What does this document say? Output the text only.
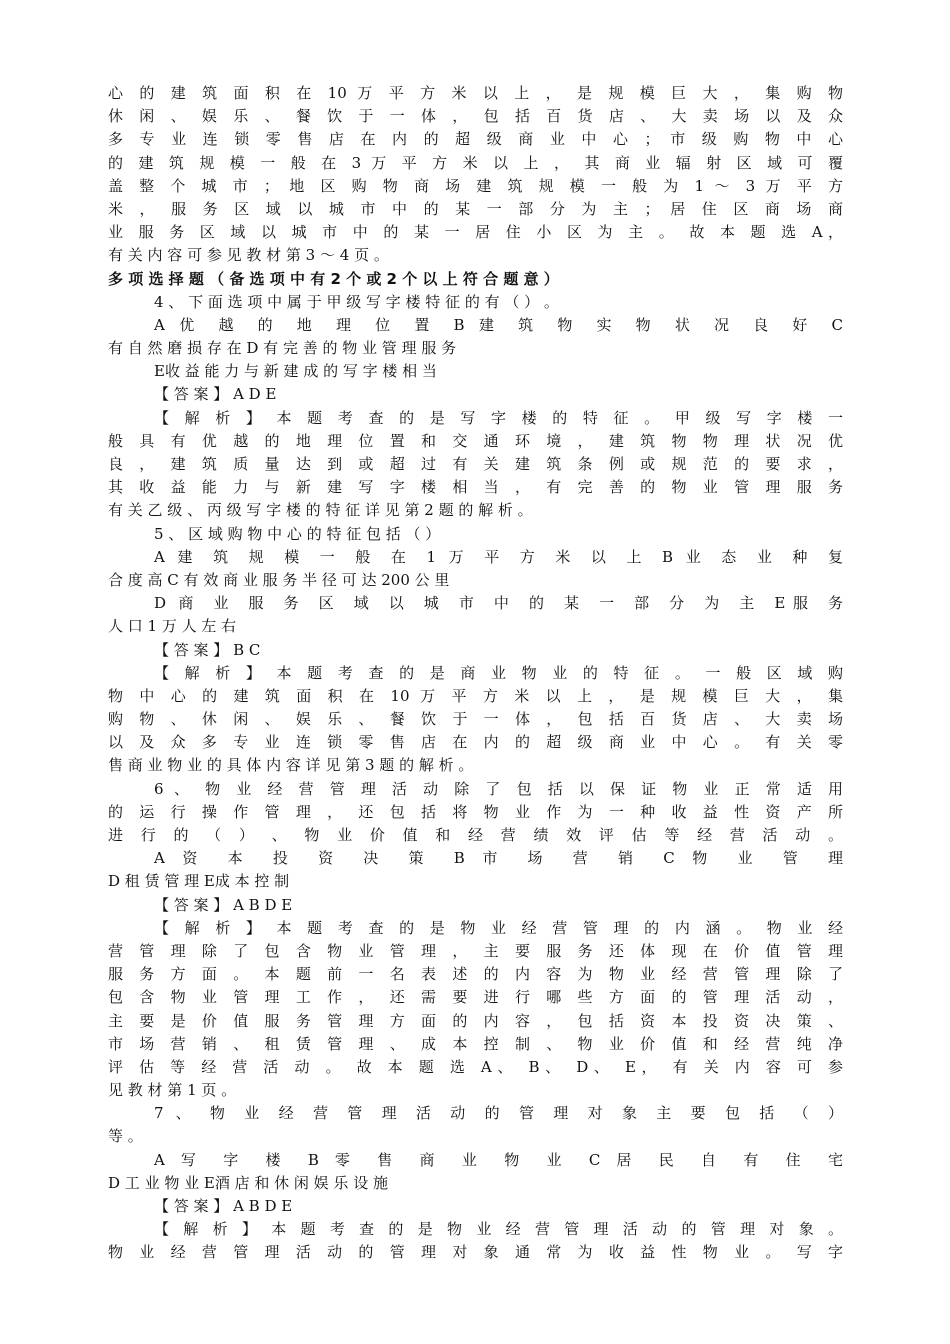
心 的 建 筑 面 积 在 10 万 平 方 米 以 上 ， 是 规 模 巨 大 ， 集 购 物
休 闲 、 娱 乐 、 餐 饮 于 一 体 ， 包 括 百 货 店 、 大 卖 场 以 及 众
多 专 业 连 锁 零 售 店 在 内 的 超 级 商 业 中 心 ； 市 级 购 物 中 心
的 建 筑 规 模 一 般 在 3 万 平 方 米 以 上 ， 其 商 业 辐 射 区 域 可 覆
盖 整 个 城 市 ； 地 区 购 物 商 场 建 筑 规 模 一 般 为 1 ～ 3 万 平 方
米 ， 服 务 区 域 以 城 市 中 的 某 一 部 分 为 主 ； 居 住 区 商 场 商
业 服 务 区 域 以 城 市 中 的 某 一 居 住 小 区 为 主 。 故 本 题 选 A，
有 关 内 容 可 参 见 教 材 第 3 ～ 4 页 。
多 项 选 择 题 （ 备 选 项 中 有 2 个 或 2 个 以 上 符 合 题 意 ）
4 、 下 面 选 项 中 属 于 甲 级 写 字 楼 特 征 的 有 （ ） 。
A 优 越 的 地 理 位 置 B 建 筑 物 实 物 状 况 良 好 C
有 自 然 磨 损 存 在 D 有 完 善 的 物 业 管 理 服 务
E收 益 能 力 与 新 建 成 的 写 字 楼 相 当
【 答 案 】 A D E
【 解 析 】 本 题 考 查 的 是 写 字 楼 的 特 征 。 甲 级 写 字 楼 一
般 具 有 优 越 的 地 理 位 置 和 交 通 环 境 ， 建 筑 物 物 理 状 况 优
良 ， 建 筑 质 量 达 到 或 超 过 有 关 建 筑 条 例 或 规 范 的 要 求 ，
其 收 益 能 力 与 新 建 写 字 楼 相 当 ， 有 完 善 的 物 业 管 理 服 务
有 关 乙 级 、 丙 级 写 字 楼 的 特 征 详 见 第 2 题 的 解 析 。
5 、 区 域 购 物 中 心 的 特 征 包 括 （ ）
A 建 筑 规 模 一 般 在 1 万 平 方 米 以 上 B 业 态 业 种 复
合 度 高 C 有 效 商 业 服 务 半 径 可 达 200 公 里
D 商 业 服 务 区 域 以 城 市 中 的 某 一 部 分 为 主 E服 务
人 口 1 万 人 左 右
【 答 案 】 B C
【 解 析 】 本 题 考 查 的 是 商 业 物 业 的 特 征 。 一 般 区 域 购
物 中 心 的 建 筑 面 积 在 10 万 平 方 米 以 上 ， 是 规 模 巨 大 ， 集
购 物 、 休 闲 、 娱 乐 、 餐 饮 于 一 体 ， 包 括 百 货 店 、 大 卖 场
以 及 众 多 专 业 连 锁 零 售 店 在 内 的 超 级 商 业 中 心 。 有 关 零
售 商 业 物 业 的 具 体 内 容 详 见 第 3 题 的 解 析 。
6 、 物 业 经 营 管 理 活 动 除 了 包 括 以 保 证 物 业 正 常 适 用
的 运 行 操 作 管 理 ， 还 包 括 将 物 业 作 为 一 种 收 益 性 资 产 所
进 行 的 （ ） 、 物 业 价 值 和 经 营 绩 效 评 估 等 经 营 活 动 。
A 资 本 投 资 决 策 B 市 场 营 销 C 物 业 管 理
D 租 赁 管 理 E成 本 控 制
【 答 案 】 A B D E
【 解 析 】 本 题 考 查 的 是 物 业 经 营 管 理 的 内 涵 。 物 业 经
营 管 理 除 了 包 含 物 业 管 理 ， 主 要 服 务 还 体 现 在 价 值 管 理
服 务 方 面 。 本 题 前 一 名 表 述 的 内 容 为 物 业 经 营 管 理 除 了
包 含 物 业 管 理 工 作 ， 还 需 要 进 行 哪 些 方 面 的 管 理 活 动 ，
主 要 是 价 值 服 务 管 理 方 面 的 内 容 ， 包 括 资 本 投 资 决 策 、
市 场 营 销 、 租 赁 管 理 、 成 本 控 制 、 物 业 价 值 和 经 营 纯 净
评 估 等 经 营 活 动 。 故 本 题 选 A、 B、 D、 E， 有 关 内 容 可 参
见 教 材 第 1 页 。
7 、 物 业 经 营 管 理 活 动 的 管 理 对 象 主 要 包 括 （ ）
等 。
A 写 字 楼 B 零 售 商 业 物 业 C 居 民 自 有 住 宅
D 工 业 物 业 E酒 店 和 休 闲 娱 乐 设 施
【 答 案 】 A B D E
【 解 析 】 本 题 考 查 的 是 物 业 经 营 管 理 活 动 的 管 理 对 象 。
物 业 经 营 管 理 活 动 的 管 理 对 象 通 常 为 收 益 性 物 业 。 写 字
